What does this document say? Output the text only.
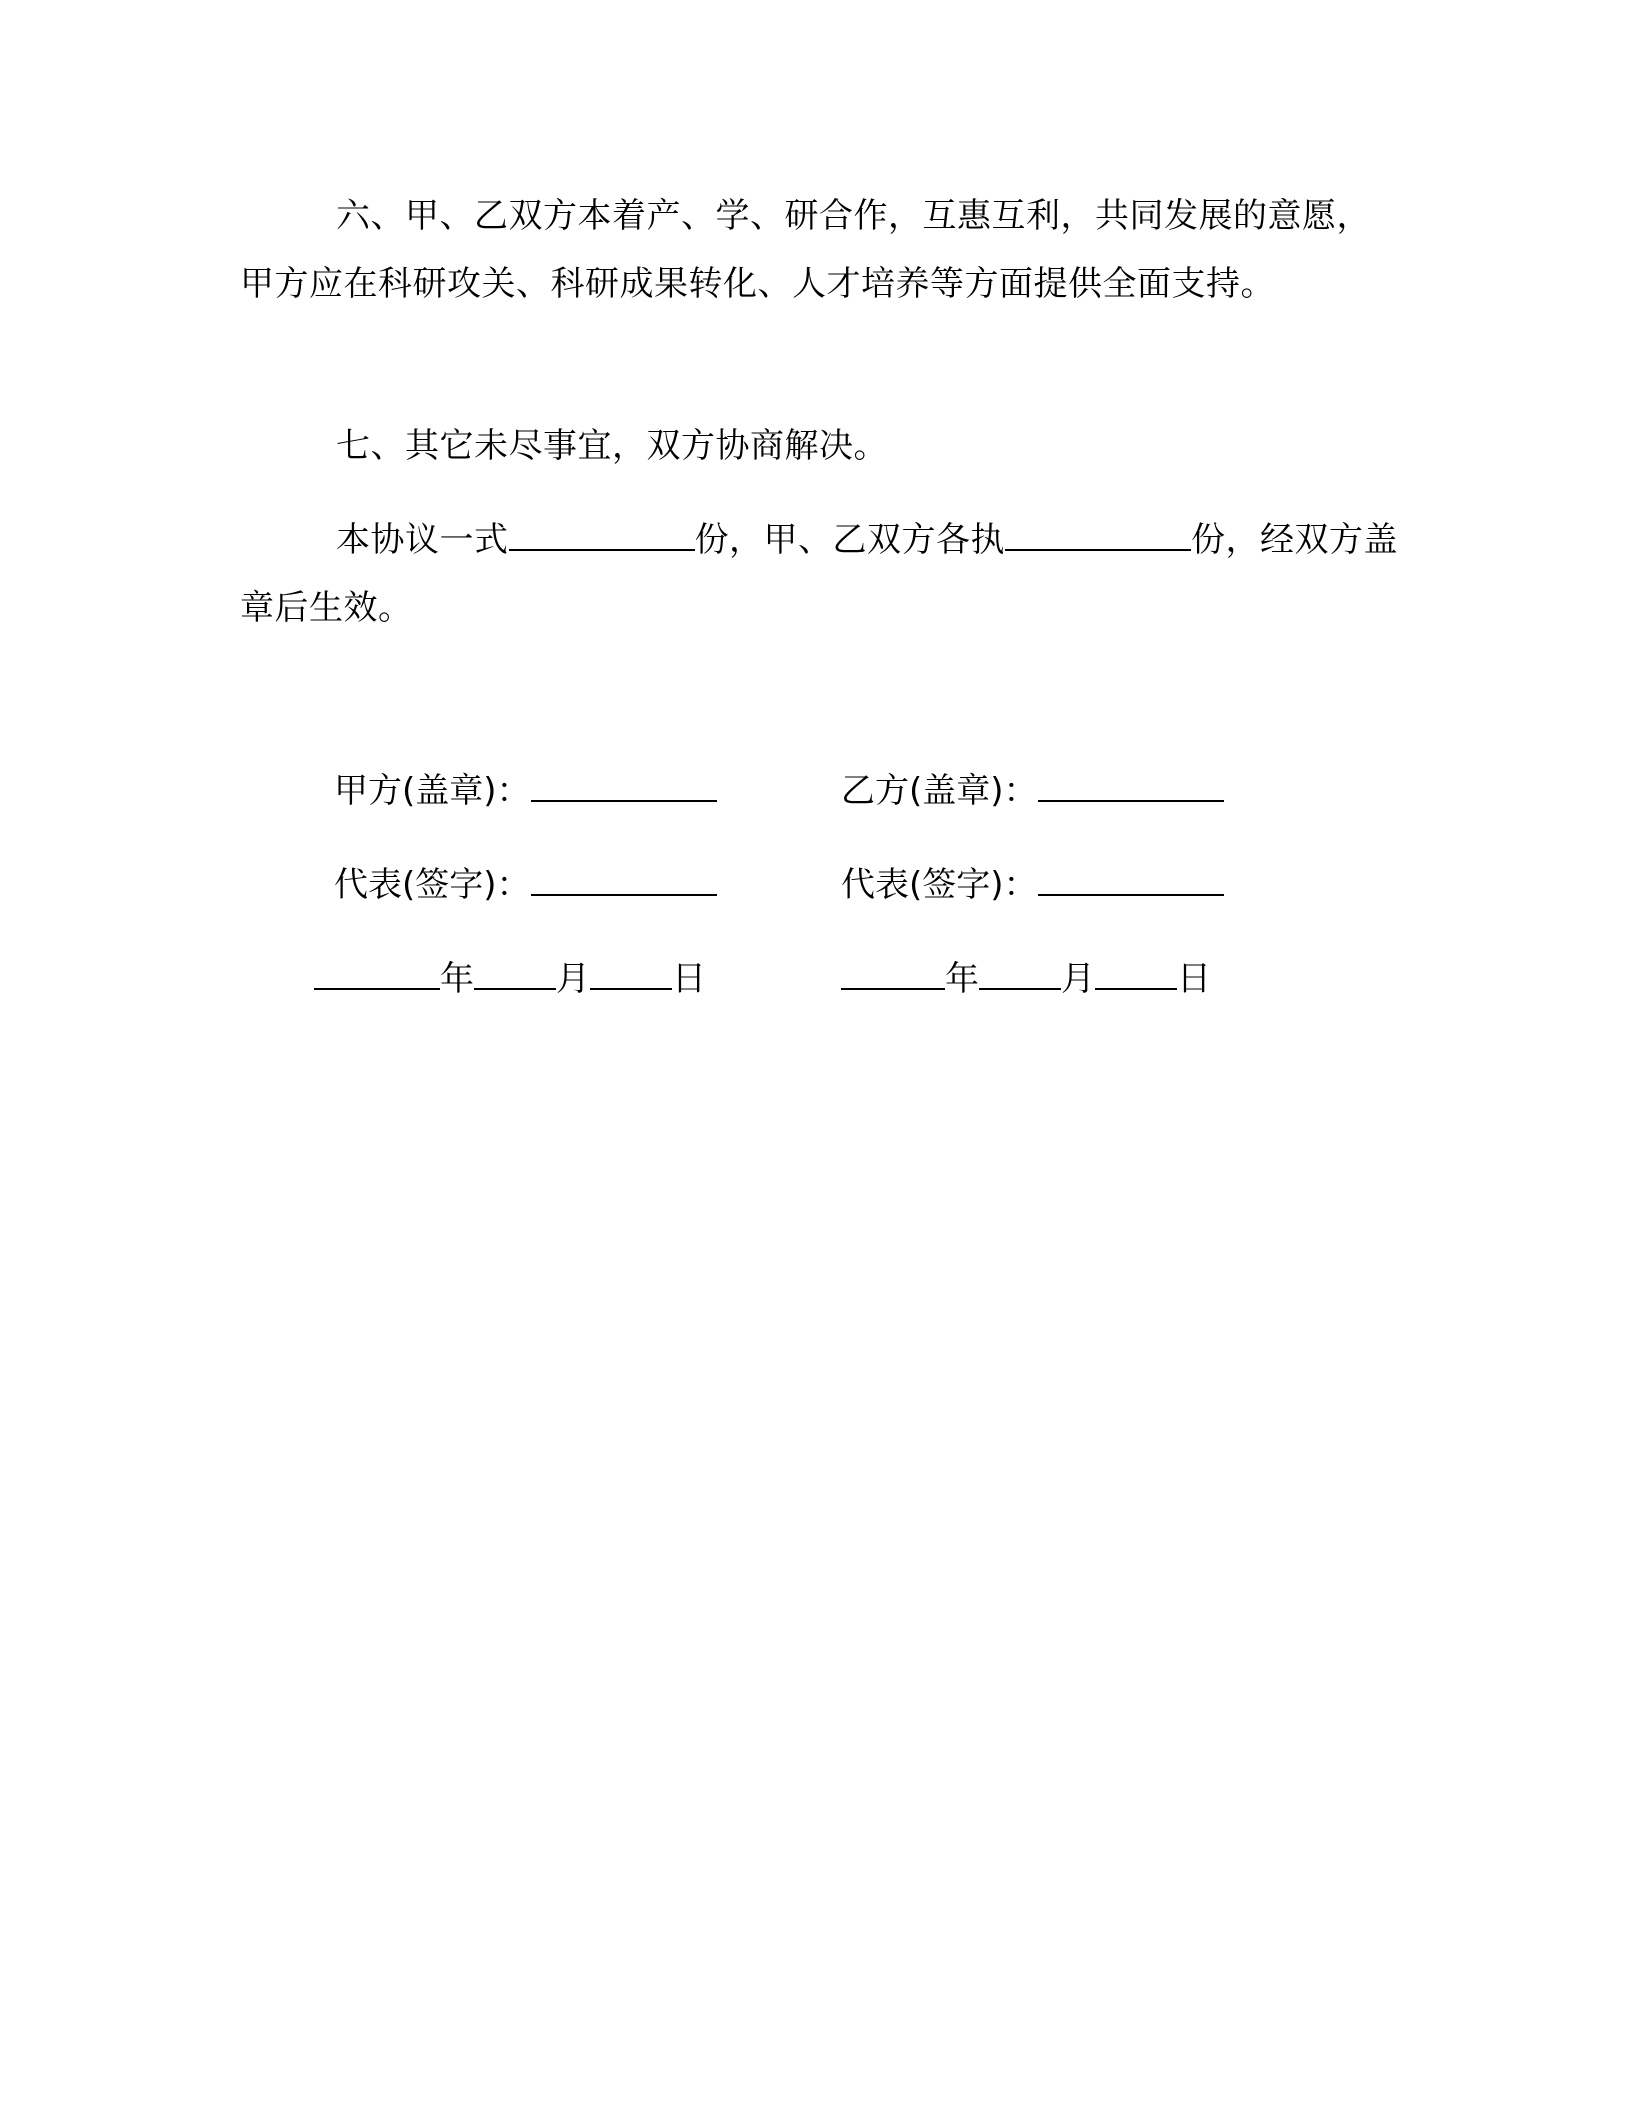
六、甲、乙双方本着产、学、研合作，互惠互利，共同发展的意愿，甲方应在科研攻关、科研成果转化、人才培养等方面提供全面支持。

七、其它未尽事宜，双方协商解决。

本协议一式	份，甲、乙双方各执	份，经双方盖章后生效。

甲方(盖章)：
代表(签字)：
年 月 日
乙方(盖章)：
代表(签字)：
年 月 日
